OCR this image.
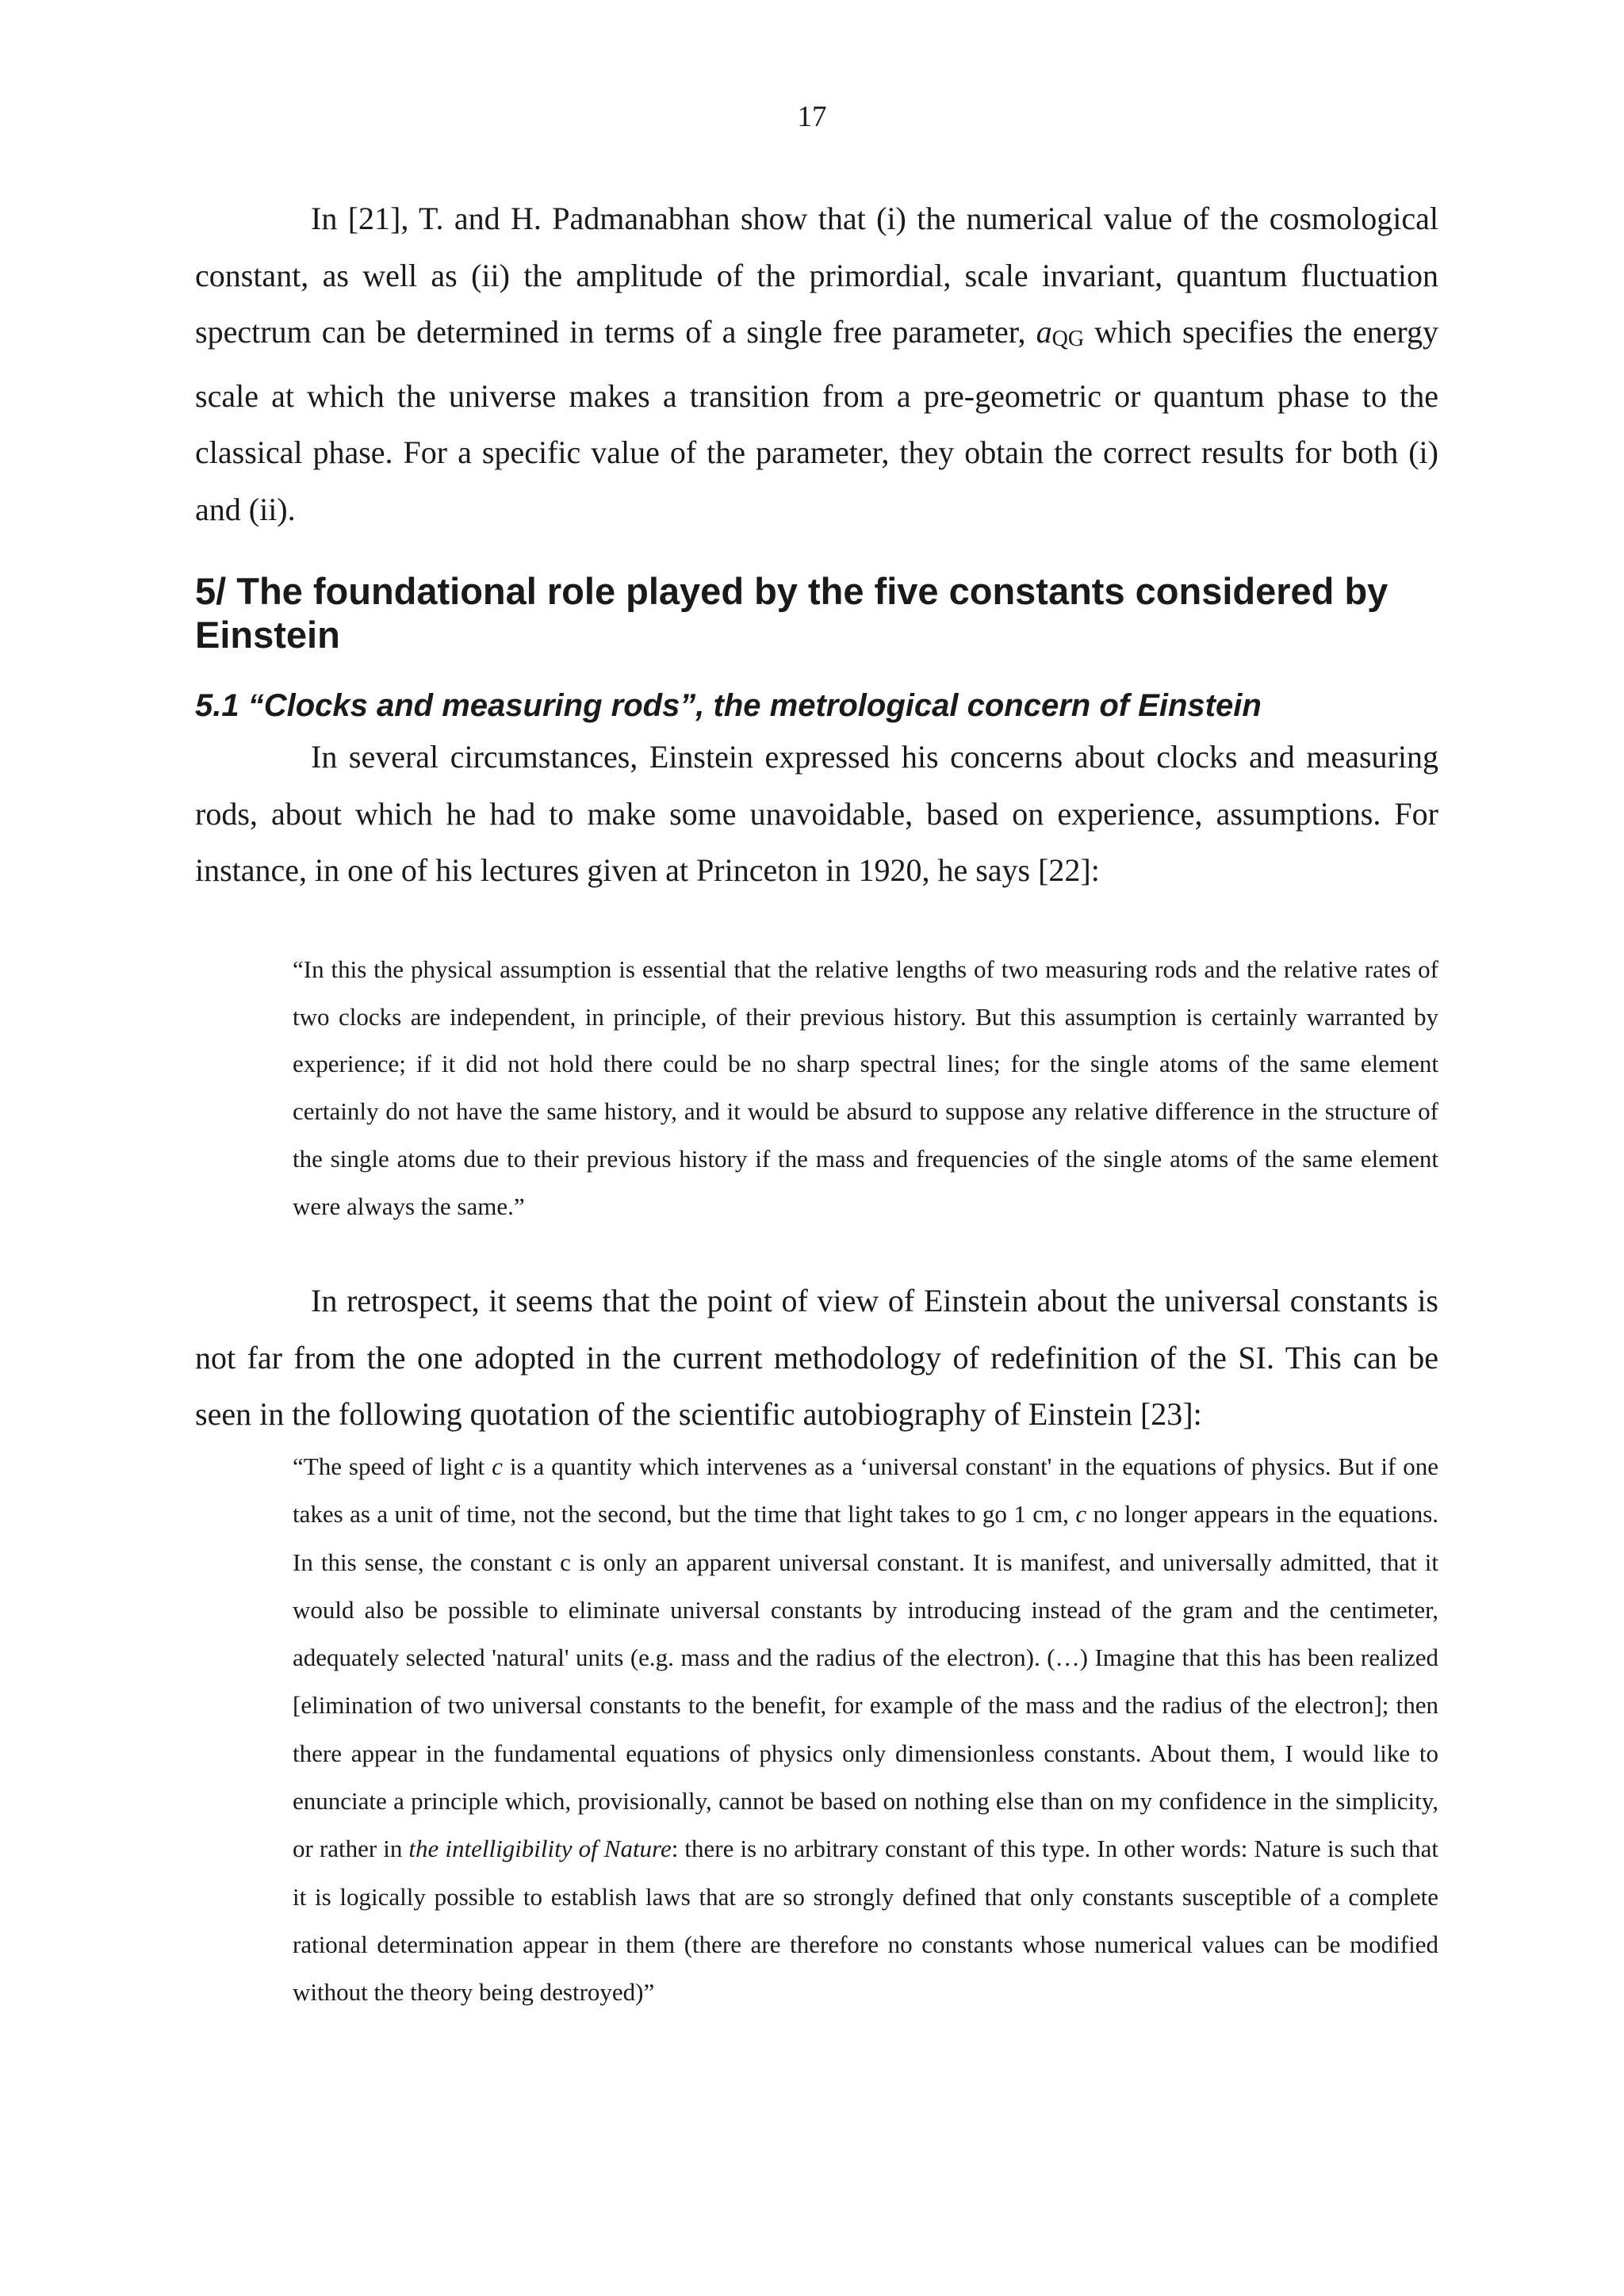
17

In [21], T. and H. Padmanabhan show that (i) the numerical value of the cosmological constant, as well as (ii) the amplitude of the primordial, scale invariant, quantum fluctuation spectrum can be determined in terms of a single free parameter, aQG which specifies the energy scale at which the universe makes a transition from a pre-geometric or quantum phase to the classical phase. For a specific value of the parameter, they obtain the correct results for both (i) and (ii).

5/ The foundational role played by the five constants considered by Einstein
5.1 “Clocks and measuring rods”, the metrological concern of Einstein

In several circumstances, Einstein expressed his concerns about clocks and measuring rods, about which he had to make some unavoidable, based on experience, assumptions. For instance, in one of his lectures given at Princeton in 1920, he says [22]:

“In this the physical assumption is essential that the relative lengths of two measuring rods and the relative rates of two clocks are independent, in principle, of their previous history. But this assumption is certainly warranted by experience; if it did not hold there could be no sharp spectral lines; for the single atoms of the same element certainly do not have the same history, and it would be absurd to suppose any relative difference in the structure of the single atoms due to their previous history if the mass and frequencies of the single atoms of the same element were always the same.”

In retrospect, it seems that the point of view of Einstein about the universal constants is not far from the one adopted in the current methodology of redefinition of the SI. This can be seen in the following quotation of the scientific autobiography of Einstein [23]:

“The speed of light c is a quantity which intervenes as a ‘universal constant' in the equations of physics. But if one takes as a unit of time, not the second, but the time that light takes to go 1 cm, c no longer appears in the equations. In this sense, the constant c is only an apparent universal constant. It is manifest, and universally admitted, that it would also be possible to eliminate universal constants by introducing instead of the gram and the centimeter, adequately selected 'natural' units (e.g. mass and the radius of the electron). (…) Imagine that this has been realized [elimination of two universal constants to the benefit, for example of the mass and the radius of the electron]; then there appear in the fundamental equations of physics only dimensionless constants. About them, I would like to enunciate a principle which, provisionally, cannot be based on nothing else than on my confidence in the simplicity, or rather in the intelligibility of Nature: there is no arbitrary constant of this type. In other words: Nature is such that it is logically possible to establish laws that are so strongly defined that only constants susceptible of a complete rational determination appear in them (there are therefore no constants whose numerical values can be modified without the theory being destroyed)”
